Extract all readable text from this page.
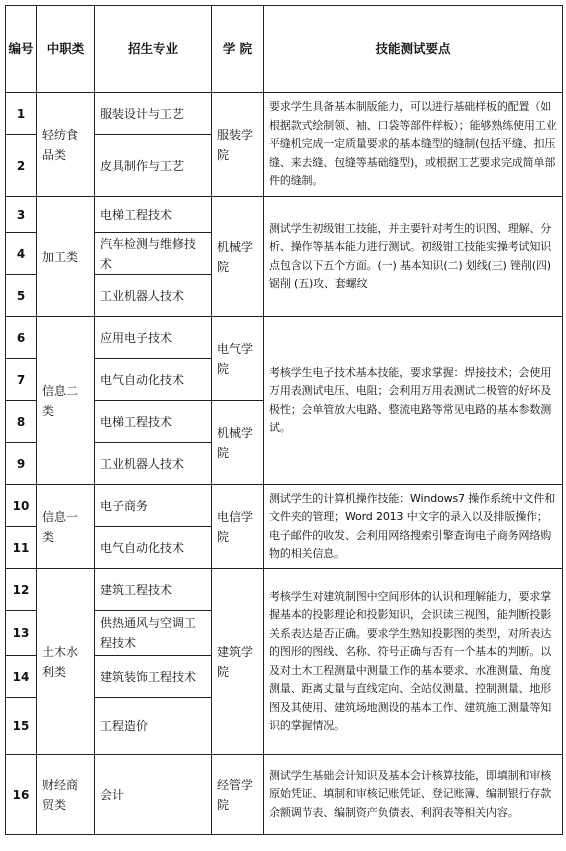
编号	中职类	招生专业	学 院	技能测试要点
1	轻纺食品类	服装设计与工艺	服装学院	要求学生具备基本制版能力，可以进行基础样板的配置（如根据款式绘制领、袖、口袋等部件样板）；能够熟练使用工业平缝机完成一定质量要求的基本缝型的缝制(包括平缝、扣压缝、来去缝、包缝等基础缝型)，或根据工艺要求完成简单部件的缝制。
2		皮具制作与工艺		
3	加工类	电梯工程技术	机械学院	测试学生初级钳工技能，并主要针对考生的识图、理解、分析、操作等基本能力进行测试。初级钳工技能实操考试知识点包含以下五个方面。(一) 基本知识(二) 划线(三) 锉削(四) 锯削 (五)攻、套螺纹
4		汽车检测与维修技术		
5		工业机器人技术		
6	信息二类	应用电子技术	电气学院	考核学生电子技术基本技能，要求掌握：焊接技术；会使用万用表测试电压、电阻；会利用万用表测试二极管的好坏及极性；会单管放大电路、整流电路等常见电路的基本参数测试。
7		电气自动化技术		
8		电梯工程技术	机械学院	
9		工业机器人技术		
10	信息一类	电子商务	电信学院	测试学生的计算机操作技能：Windows7 操作系统中文件和文件夹的管理；Word 2013 中文字的录入以及排版操作；电子邮件的收发、会利用网络搜索引擎查询电子商务网络购物的相关信息。
11		电气自动化技术		
12	土木水利类	建筑工程技术	建筑学院	考核学生对建筑制图中空间形体的认识和理解能力，要求掌握基本的投影理论和投影知识，会识读三视图，能判断投影关系表达是否正确。要求学生熟知投影图的类型，对所表达的图形的图线、名称、符号正确与否有一个基本的判断。以及对土木工程测量中测量工作的基本要求、水准测量、角度测量、距离丈量与直线定向、全站仪测量、控制测量、地形图及其使用、建筑场地测设的基本工作、建筑施工测量等知识的掌握情况。
13		供热通风与空调工程技术		
14		建筑装饰工程技术		
15		工程造价		
16	财经商贸类	会计	经管学院	测试学生基础会计知识及基本会计核算技能，即填制和审核原始凭证、填制和审核记账凭证、登记账簿、编制银行存款余额调节表、编制资产负债表、利润表等相关内容。
